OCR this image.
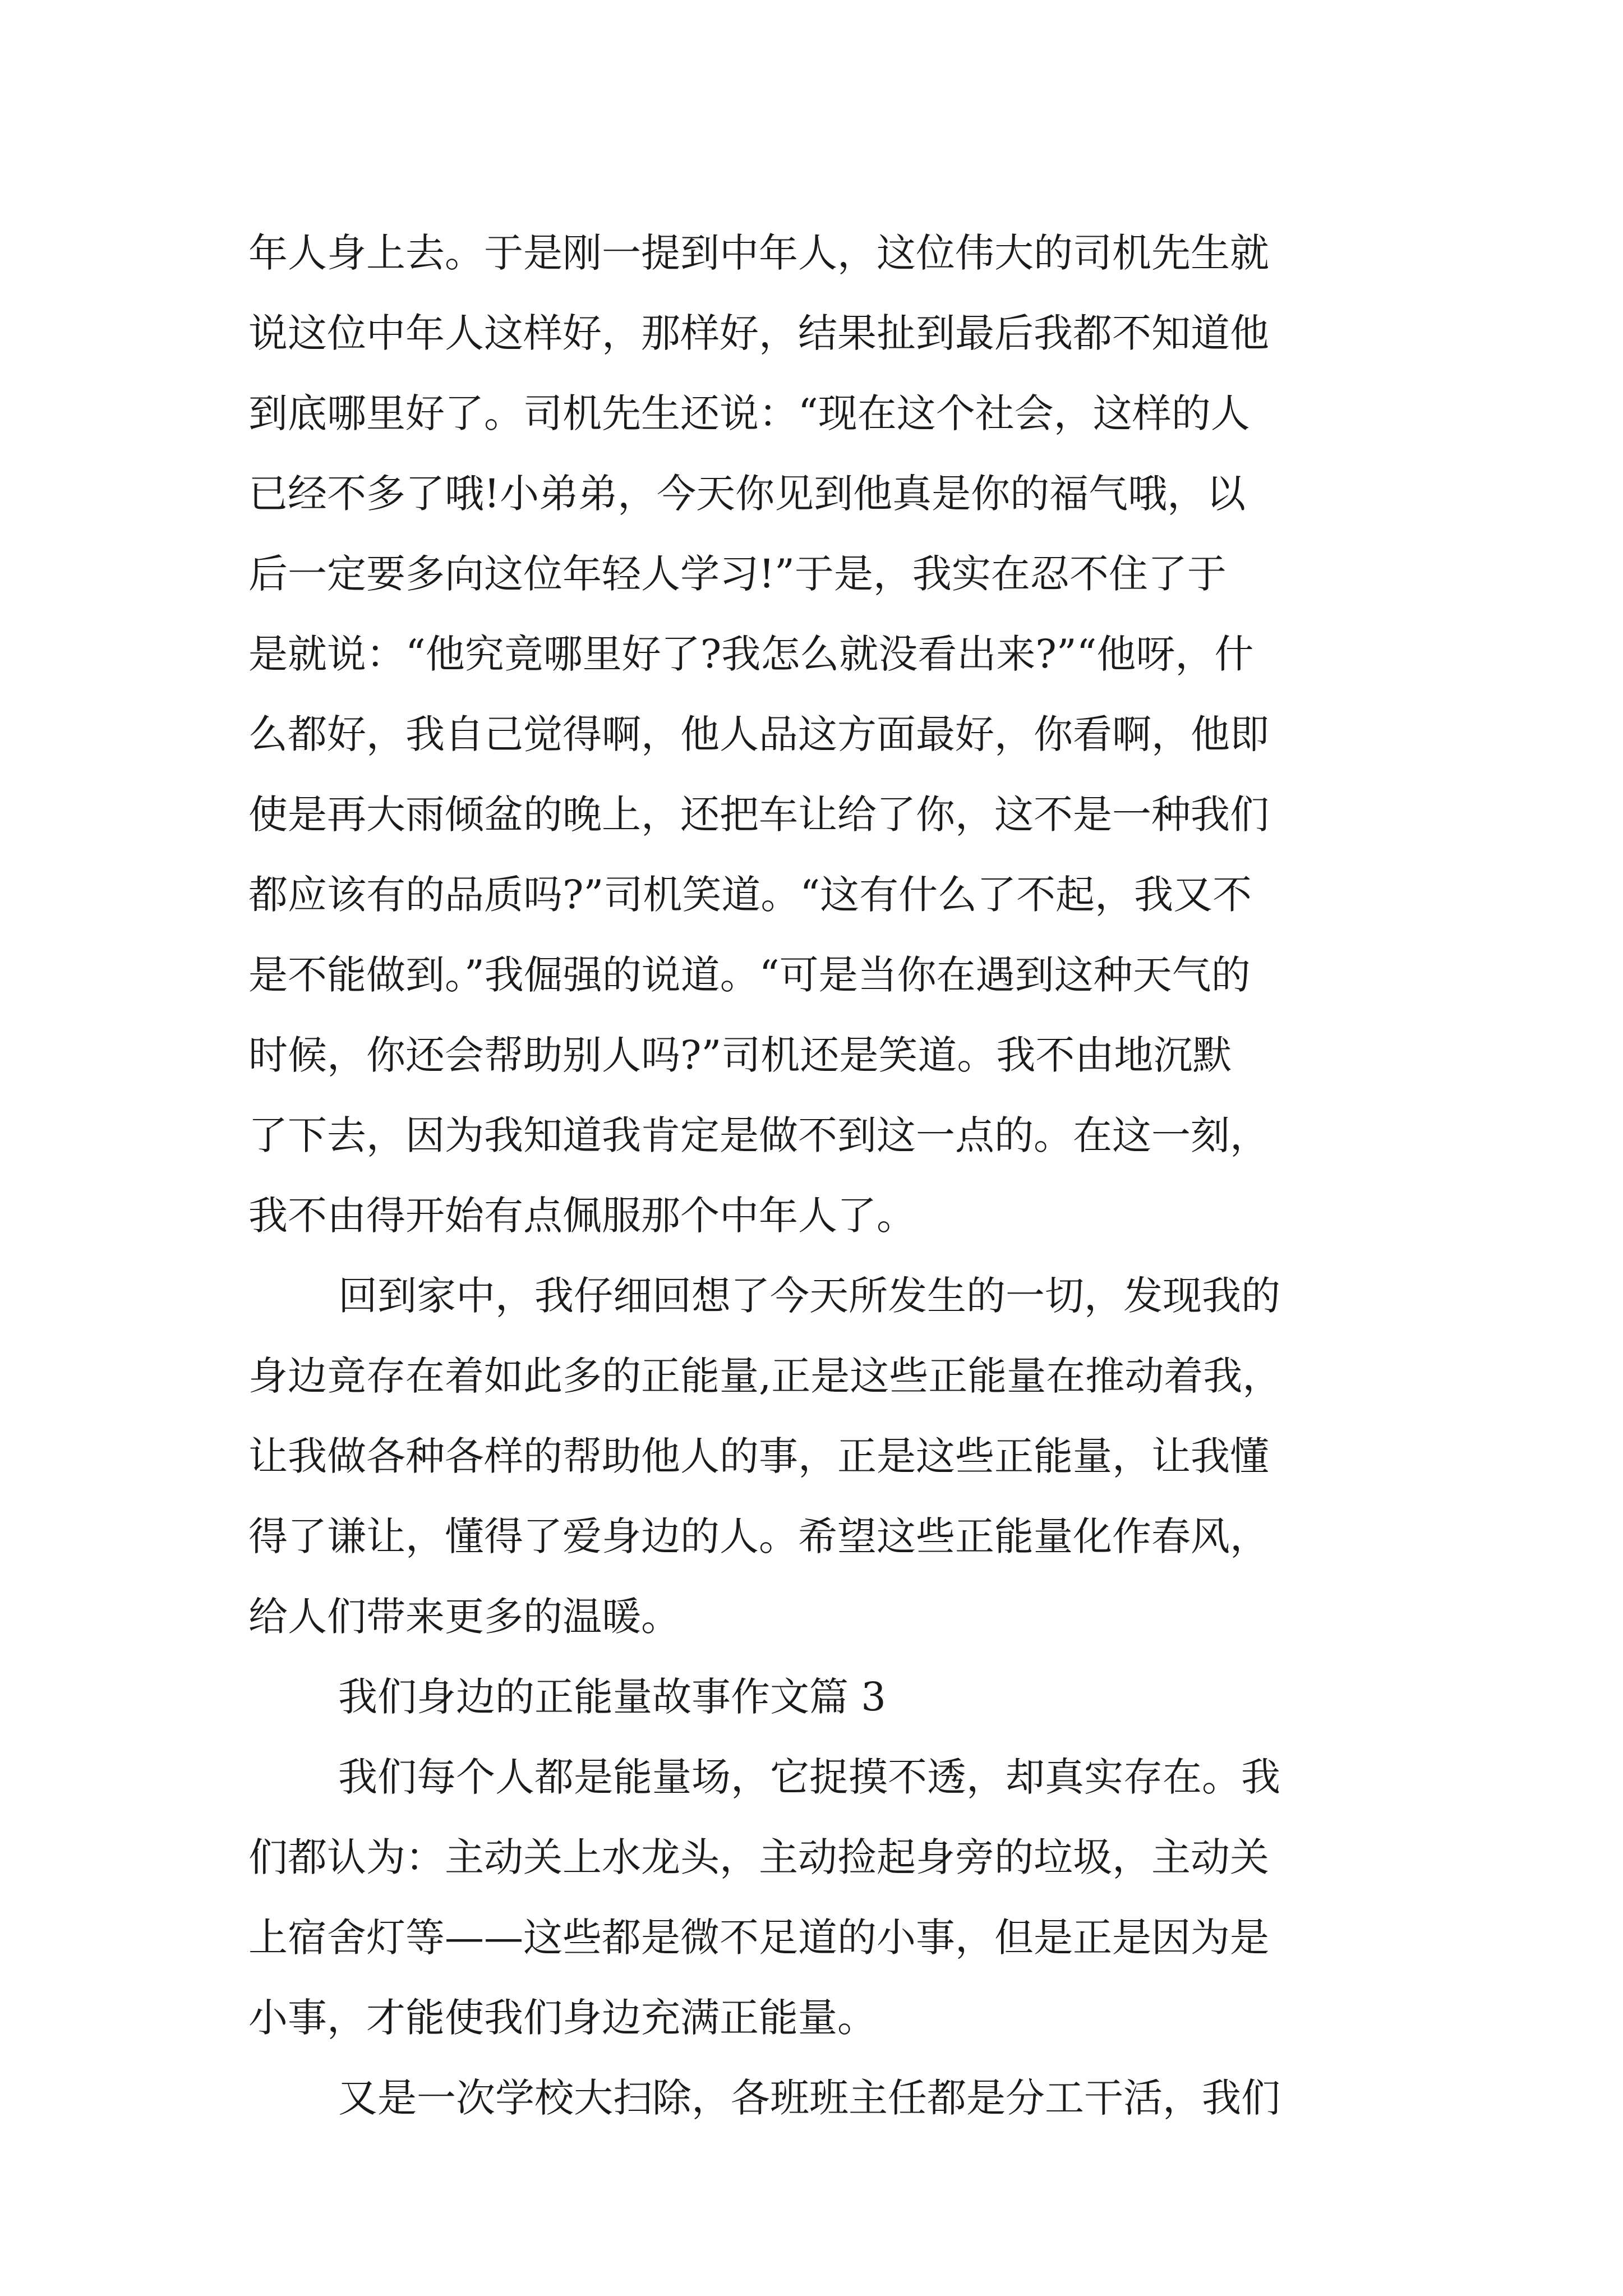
年人身上去。于是刚一提到中年人，这位伟大的司机先生就
说这位中年人这样好，那样好，结果扯到最后我都不知道他
到底哪里好了。司机先生还说：“现在这个社会，这样的人
已经不多了哦!小弟弟，今天你见到他真是你的福气哦，以
后一定要多向这位年轻人学习!”于是，我实在忍不住了于
是就说：“他究竟哪里好了?我怎么就没看出来?”“他呀，什
么都好，我自己觉得啊，他人品这方面最好，你看啊，他即
使是再大雨倾盆的晚上，还把车让给了你，这不是一种我们
都应该有的品质吗?”司机笑道。“这有什么了不起，我又不
是不能做到。”我倔强的说道。“可是当你在遇到这种天气的
时候，你还会帮助别人吗?”司机还是笑道。我不由地沉默
了下去，因为我知道我肯定是做不到这一点的。在这一刻，
我不由得开始有点佩服那个中年人了。
回到家中，我仔细回想了今天所发生的一切，发现我的
身边竟存在着如此多的正能量,正是这些正能量在推动着我，
让我做各种各样的帮助他人的事，正是这些正能量，让我懂
得了谦让，懂得了爱身边的人。希望这些正能量化作春风，
给人们带来更多的温暖。
我们身边的正能量故事作文篇 3
我们每个人都是能量场，它捉摸不透，却真实存在。我
们都认为：主动关上水龙头，主动捡起身旁的垃圾，主动关
上宿舍灯等——这些都是微不足道的小事，但是正是因为是
小事，才能使我们身边充满正能量。
又是一次学校大扫除，各班班主任都是分工干活，我们
